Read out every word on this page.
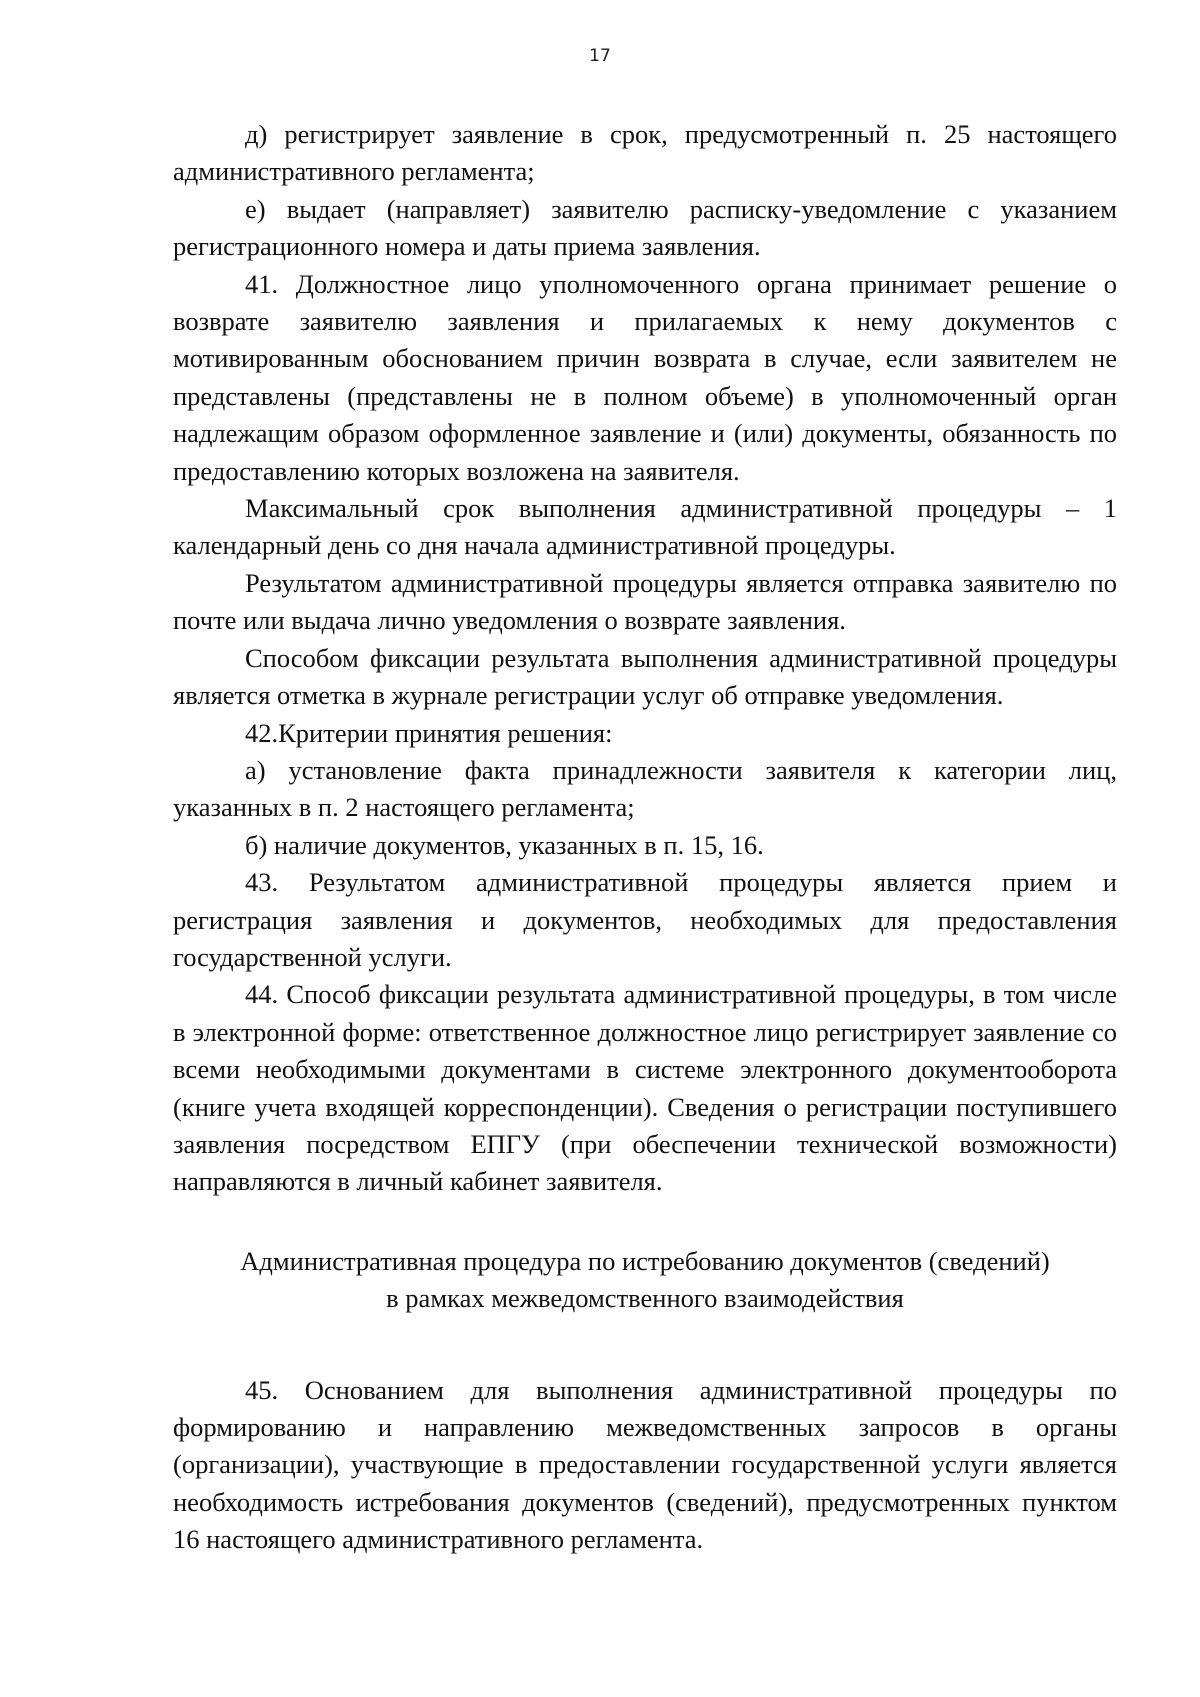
17

д) регистрирует заявление в срок, предусмотренный п. 25 настоящего административного регламента;

е) выдает (направляет) заявителю расписку-уведомление с указанием регистрационного номера и даты приема заявления.

41. Должностное лицо уполномоченного органа принимает решение о возврате заявителю заявления и прилагаемых к нему документов с мотивированным обоснованием причин возврата в случае, если заявителем не представлены (представлены не в полном объеме) в уполномоченный орган надлежащим образом оформленное заявление и (или) документы, обязанность по предоставлению которых возложена на заявителя.

Максимальный срок выполнения административной процедуры – 1 календарный день со дня начала административной процедуры.

Результатом административной процедуры является отправка заявителю по почте или выдача лично уведомления о возврате заявления.

Способом фиксации результата выполнения административной процедуры является отметка в журнале регистрации услуг об отправке уведомления.

42.Критерии принятия решения:

а) установление факта принадлежности заявителя к категории лиц, указанных в п. 2 настоящего регламента;

б) наличие документов, указанных в п. 15, 16.

43. Результатом административной процедуры является прием и регистрация заявления и документов, необходимых для предоставления государственной услуги.

44. Способ фиксации результата административной процедуры, в том числе в электронной форме: ответственное должностное лицо регистрирует заявление со всеми необходимыми документами в системе электронного документооборота (книге учета входящей корреспонденции). Сведения о регистрации поступившего заявления посредством ЕПГУ (при обеспечении технической возможности) направляются в личный кабинет заявителя.

Административная процедура по истребованию документов (сведений)
в рамках межведомственного взаимодействия

45. Основанием для выполнения административной процедуры по формированию и направлению межведомственных запросов в органы (организации), участвующие в предоставлении государственной услуги является необходимость истребования документов (сведений), предусмотренных пунктом 16 настоящего административного регламента.
